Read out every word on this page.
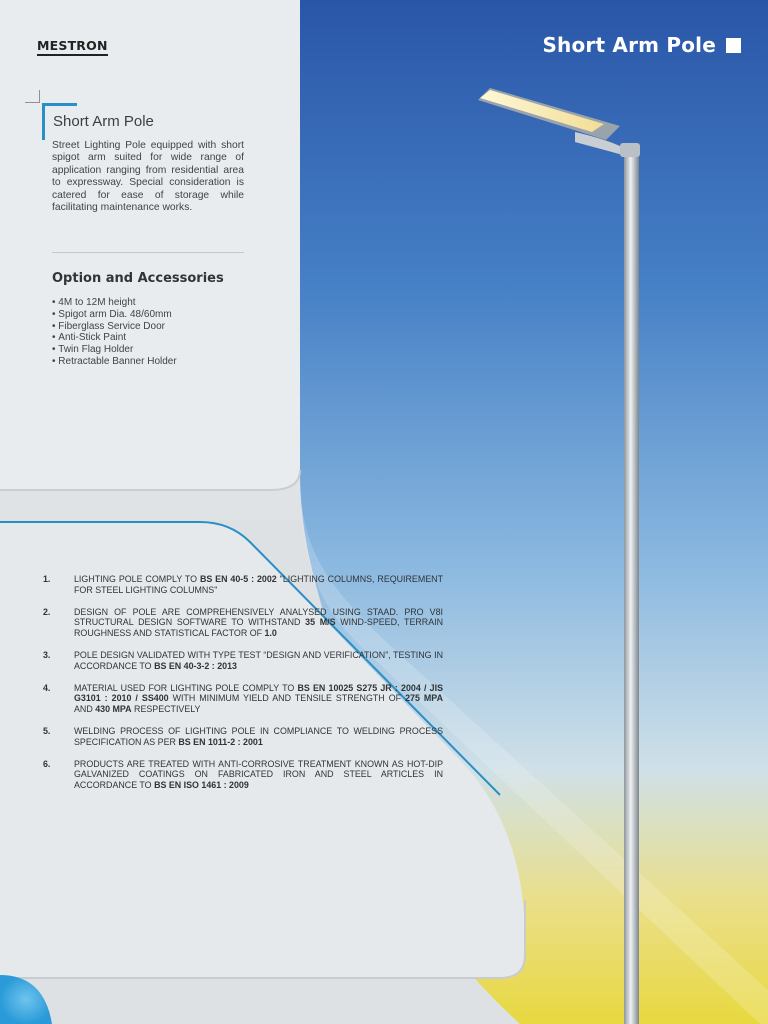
MESTRON	Short Arm Pole
Short Arm Pole
Street Lighting Pole equipped with short spigot arm suited for wide range of application ranging from residential area to expressway. Special consideration is catered for ease of storage while facilitating maintenance works.
Option and Accessories
• 4M to 12M height
• Spigot arm Dia. 48/60mm
• Fiberglass Service Door
• Anti-Stick Paint
• Twin Flag Holder
• Retractable Banner Holder
1.	LIGHTING POLE COMPLY TO BS EN 40-5 : 2002 "LIGHTING COLUMNS, REQUIREMENT FOR STEEL LIGHTING COLUMNS"
2.	DESIGN OF POLE ARE COMPREHENSIVELY ANALYSED USING STAAD. PRO V8I STRUCTURAL DESIGN SOFTWARE TO WITHSTAND 35 M/S WIND-SPEED, TERRAIN ROUGHNESS AND STATISTICAL FACTOR OF 1.0
3.	POLE DESIGN VALIDATED WITH TYPE TEST “DESIGN AND VERIFICATION”, TESTING IN ACCORDANCE TO BS EN 40-3-2 : 2013
4.	MATERIAL USED FOR LIGHTING POLE COMPLY TO BS EN 10025 S275 JR : 2004 / JIS G3101 : 2010 / SS400 WITH MINIMUM YIELD AND TENSILE STRENGTH OF 275 MPA AND 430 MPA RESPECTIVELY
5.	WELDING PROCESS OF LIGHTING POLE IN COMPLIANCE TO WELDING PROCESS SPECIFICATION AS PER BS EN 1011-2 : 2001
6.	PRODUCTS ARE TREATED WITH ANTI-CORROSIVE TREATMENT KNOWN AS HOT-DIP GALVANIZED COATINGS ON FABRICATED IRON AND STEEL ARTICLES IN ACCORDANCE TO BS EN ISO 1461 : 2009
